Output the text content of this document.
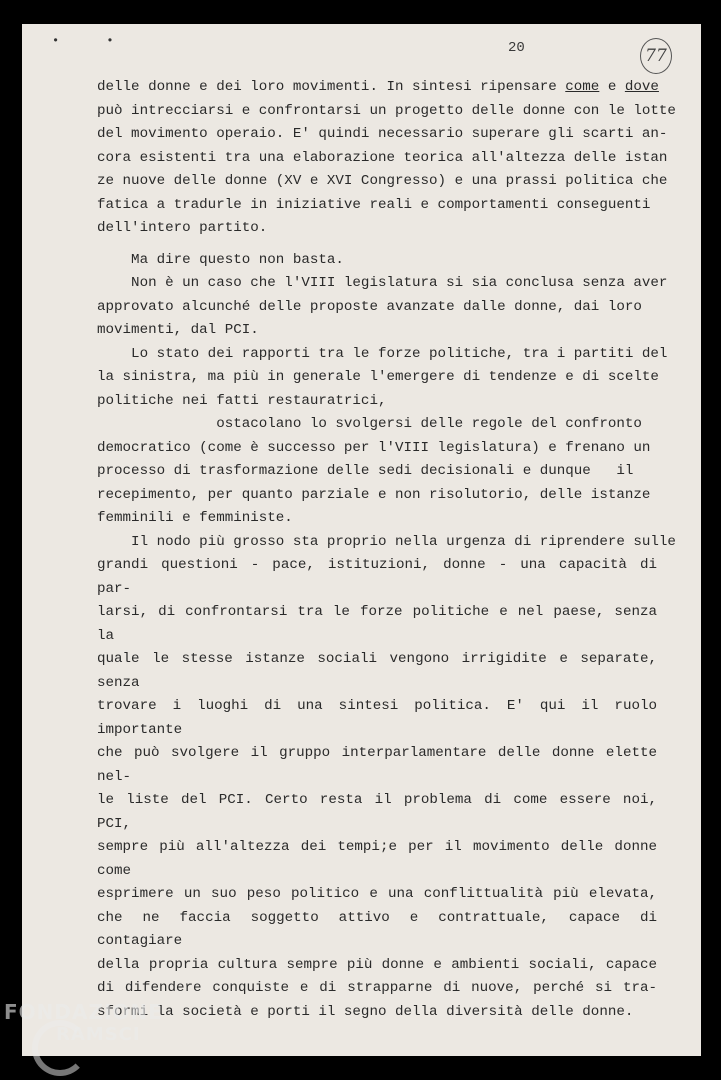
• •	20	77
delle donne e dei loro movimenti. In sintesi ripensare come e dove
può intrecciarsi e confrontarsi un progetto delle donne con le lotte
del movimento operaio. E' quindi necessario superare gli scarti an-
cora esistenti tra una elaborazione teorica all'altezza delle istan
ze nuove delle donne (XV e XVI Congresso) e una prassi politica che
fatica a tradurle in iniziative reali e comportamenti conseguenti
dell'intero partito.
Ma dire questo non basta.
Non è un caso che l'VIII legislatura si sia conclusa senza aver
approvato alcunché delle proposte avanzate dalle donne, dai loro
movimenti, dal PCI.
Lo stato dei rapporti tra le forze politiche, tra i partiti del
la sinistra, ma più in generale l'emergere di tendenze e di scelte
politiche nei fatti restauratrici,
ostacolano lo svolgersi delle regole del confronto
democratico (come è successo per l'VIII legislatura) e frenano un
processo di trasformazione delle sedi decisionali e dunque   il
recepimento, per quanto parziale e non risolutorio, delle istanze
femminili e femministe.
Il nodo più grosso sta proprio nella urgenza di riprendere sulle
grandi questioni - pace, istituzioni, donne - una capacità di par-
larsi, di confrontarsi tra le forze politiche e nel paese, senza la
quale le stesse istanze sociali vengono irrigidite e separate, senza
trovare i luoghi di una sintesi politica. E' qui il ruolo importante
che può svolgere il gruppo interparlamentare delle donne elette nel-
le liste del PCI. Certo resta il problema di come essere noi, PCI,
sempre più all'altezza dei tempi;e per il movimento delle donne come
esprimere un suo peso politico e una conflittualità più elevata,
che ne faccia soggetto attivo e contrattuale, capace di contagiare
della propria cultura sempre più donne e ambienti sociali, capace
di difendere conquiste e di strapparne di nuove, perché si tra-
sformi la società e porti il segno della diversità delle donne.
FONDAZIONE
RAMSCI
